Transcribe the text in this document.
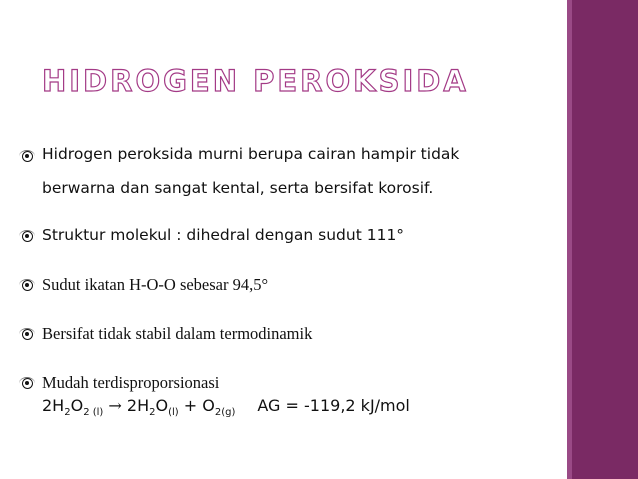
HIDROGEN PEROKSIDA
Hidrogen peroksida murni berupa cairan hampir tidak
berwarna dan sangat kental, serta bersifat korosif.
Struktur molekul : dihedral dengan sudut 111°
Sudut ikatan H-O-O sebesar 94,5°
Bersifat tidak stabil dalam termodinamik
Mudah terdisproporsionasi
$2H_2O_2$ $_{(l)} \to 2H_2O_{(l)} + O_{2(g)}$ AG = -119,2 kJ/mol
